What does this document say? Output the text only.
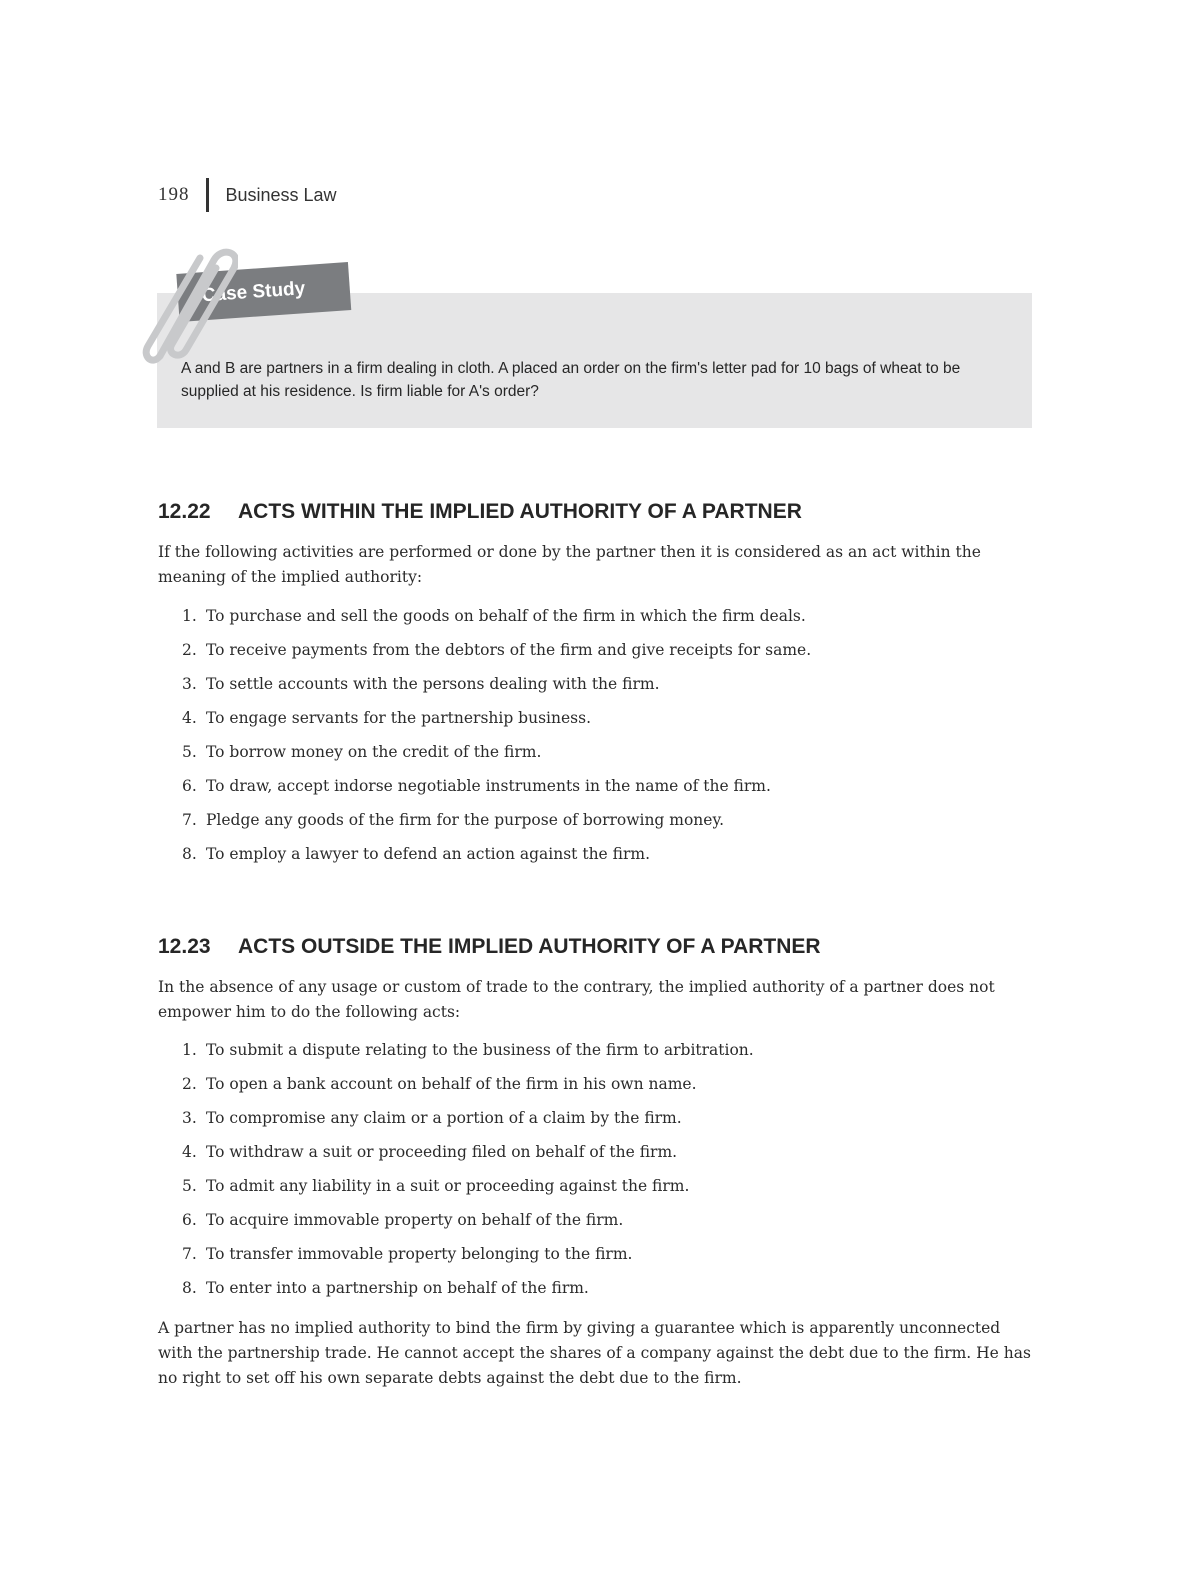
198 Business Law
Case Study
A and B are partners in a firm dealing in cloth. A placed an order on the firm's letter pad for 10 bags of wheat to be supplied at his residence. Is firm liable for A's order?
12.22	ACTS WITHIN THE IMPLIED AUTHORITY OF A PARTNER
If the following activities are performed or done by the partner then it is considered as an act within the meaning of the implied authority:
1. To purchase and sell the goods on behalf of the firm in which the firm deals.
2. To receive payments from the debtors of the firm and give receipts for same.
3. To settle accounts with the persons dealing with the firm.
4. To engage servants for the partnership business.
5. To borrow money on the credit of the firm.
6. To draw, accept indorse negotiable instruments in the name of the firm.
7. Pledge any goods of the firm for the purpose of borrowing money.
8. To employ a lawyer to defend an action against the firm.
12.23	ACTS OUTSIDE THE IMPLIED AUTHORITY OF A PARTNER
In the absence of any usage or custom of trade to the contrary, the implied authority of a partner does not empower him to do the following acts:
1. To submit a dispute relating to the business of the firm to arbitration.
2. To open a bank account on behalf of the firm in his own name.
3. To compromise any claim or a portion of a claim by the firm.
4. To withdraw a suit or proceeding filed on behalf of the firm.
5. To admit any liability in a suit or proceeding against the firm.
6. To acquire immovable property on behalf of the firm.
7. To transfer immovable property belonging to the firm.
8. To enter into a partnership on behalf of the firm.
A partner has no implied authority to bind the firm by giving a guarantee which is apparently unconnected with the partnership trade. He cannot accept the shares of a company against the debt due to the firm. He has no right to set off his own separate debts against the debt due to the firm.
